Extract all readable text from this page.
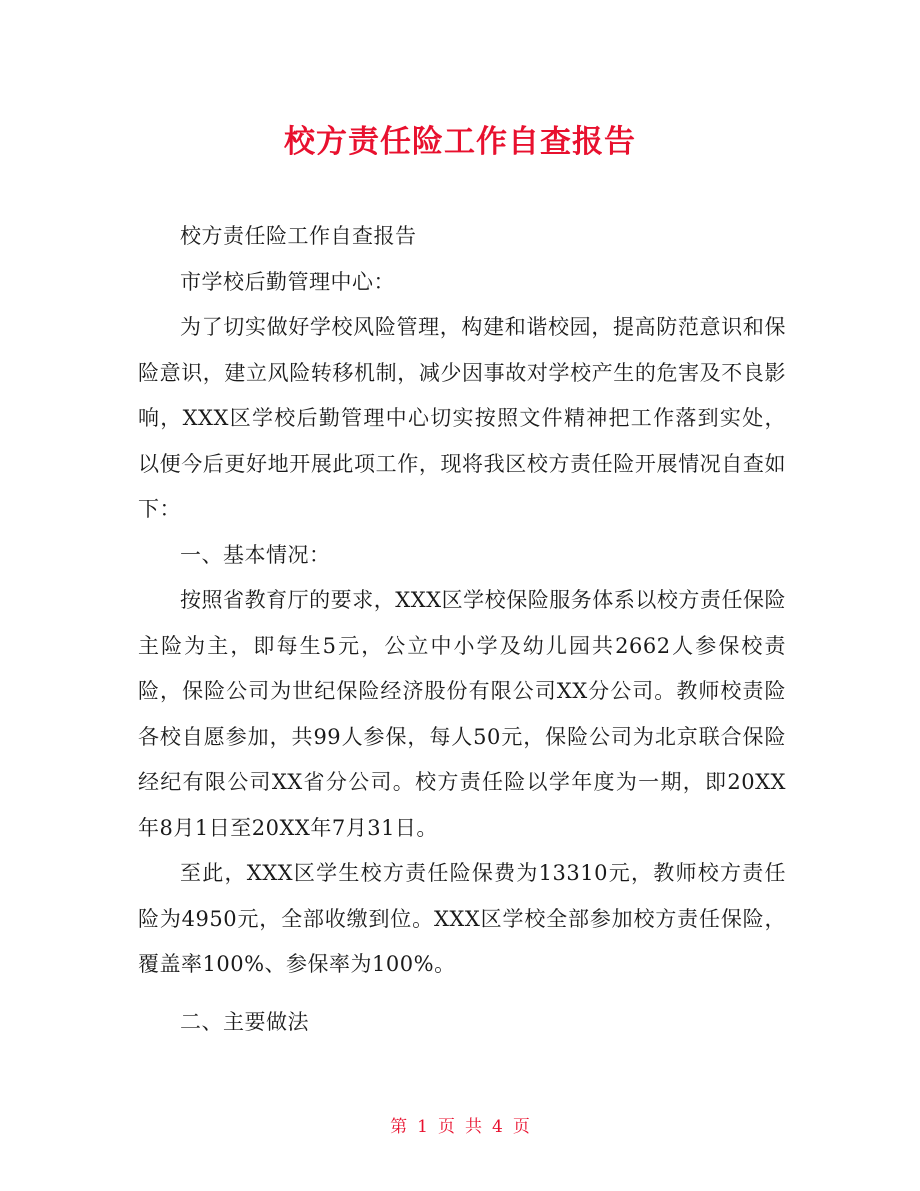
校方责任险工作自查报告

校方责任险工作自查报告

市学校后勤管理中心：

为了切实做好学校风险管理，构建和谐校园，提高防范意识和保险意识，建立风险转移机制，减少因事故对学校产生的危害及不良影响，XXX区学校后勤管理中心切实按照文件精神把工作落到实处，以便今后更好地开展此项工作，现将我区校方责任险开展情况自查如下：

一、基本情况：

按照省教育厅的要求，XXX区学校保险服务体系以校方责任保险主险为主，即每生5元，公立中小学及幼儿园共2662人参保校责险，保险公司为世纪保险经济股份有限公司XX分公司。教师校责险各校自愿参加，共99人参保，每人50元，保险公司为北京联合保险经纪有限公司XX省分公司。校方责任险以学年度为一期，即20XX年8月1日至20XX年7月31日。

至此，XXX区学生校方责任险保费为13310元，教师校方责任险为4950元，全部收缴到位。XXX区学校全部参加校方责任保险，覆盖率100%、参保率为100%。

二、主要做法

第 1 页 共 4 页
